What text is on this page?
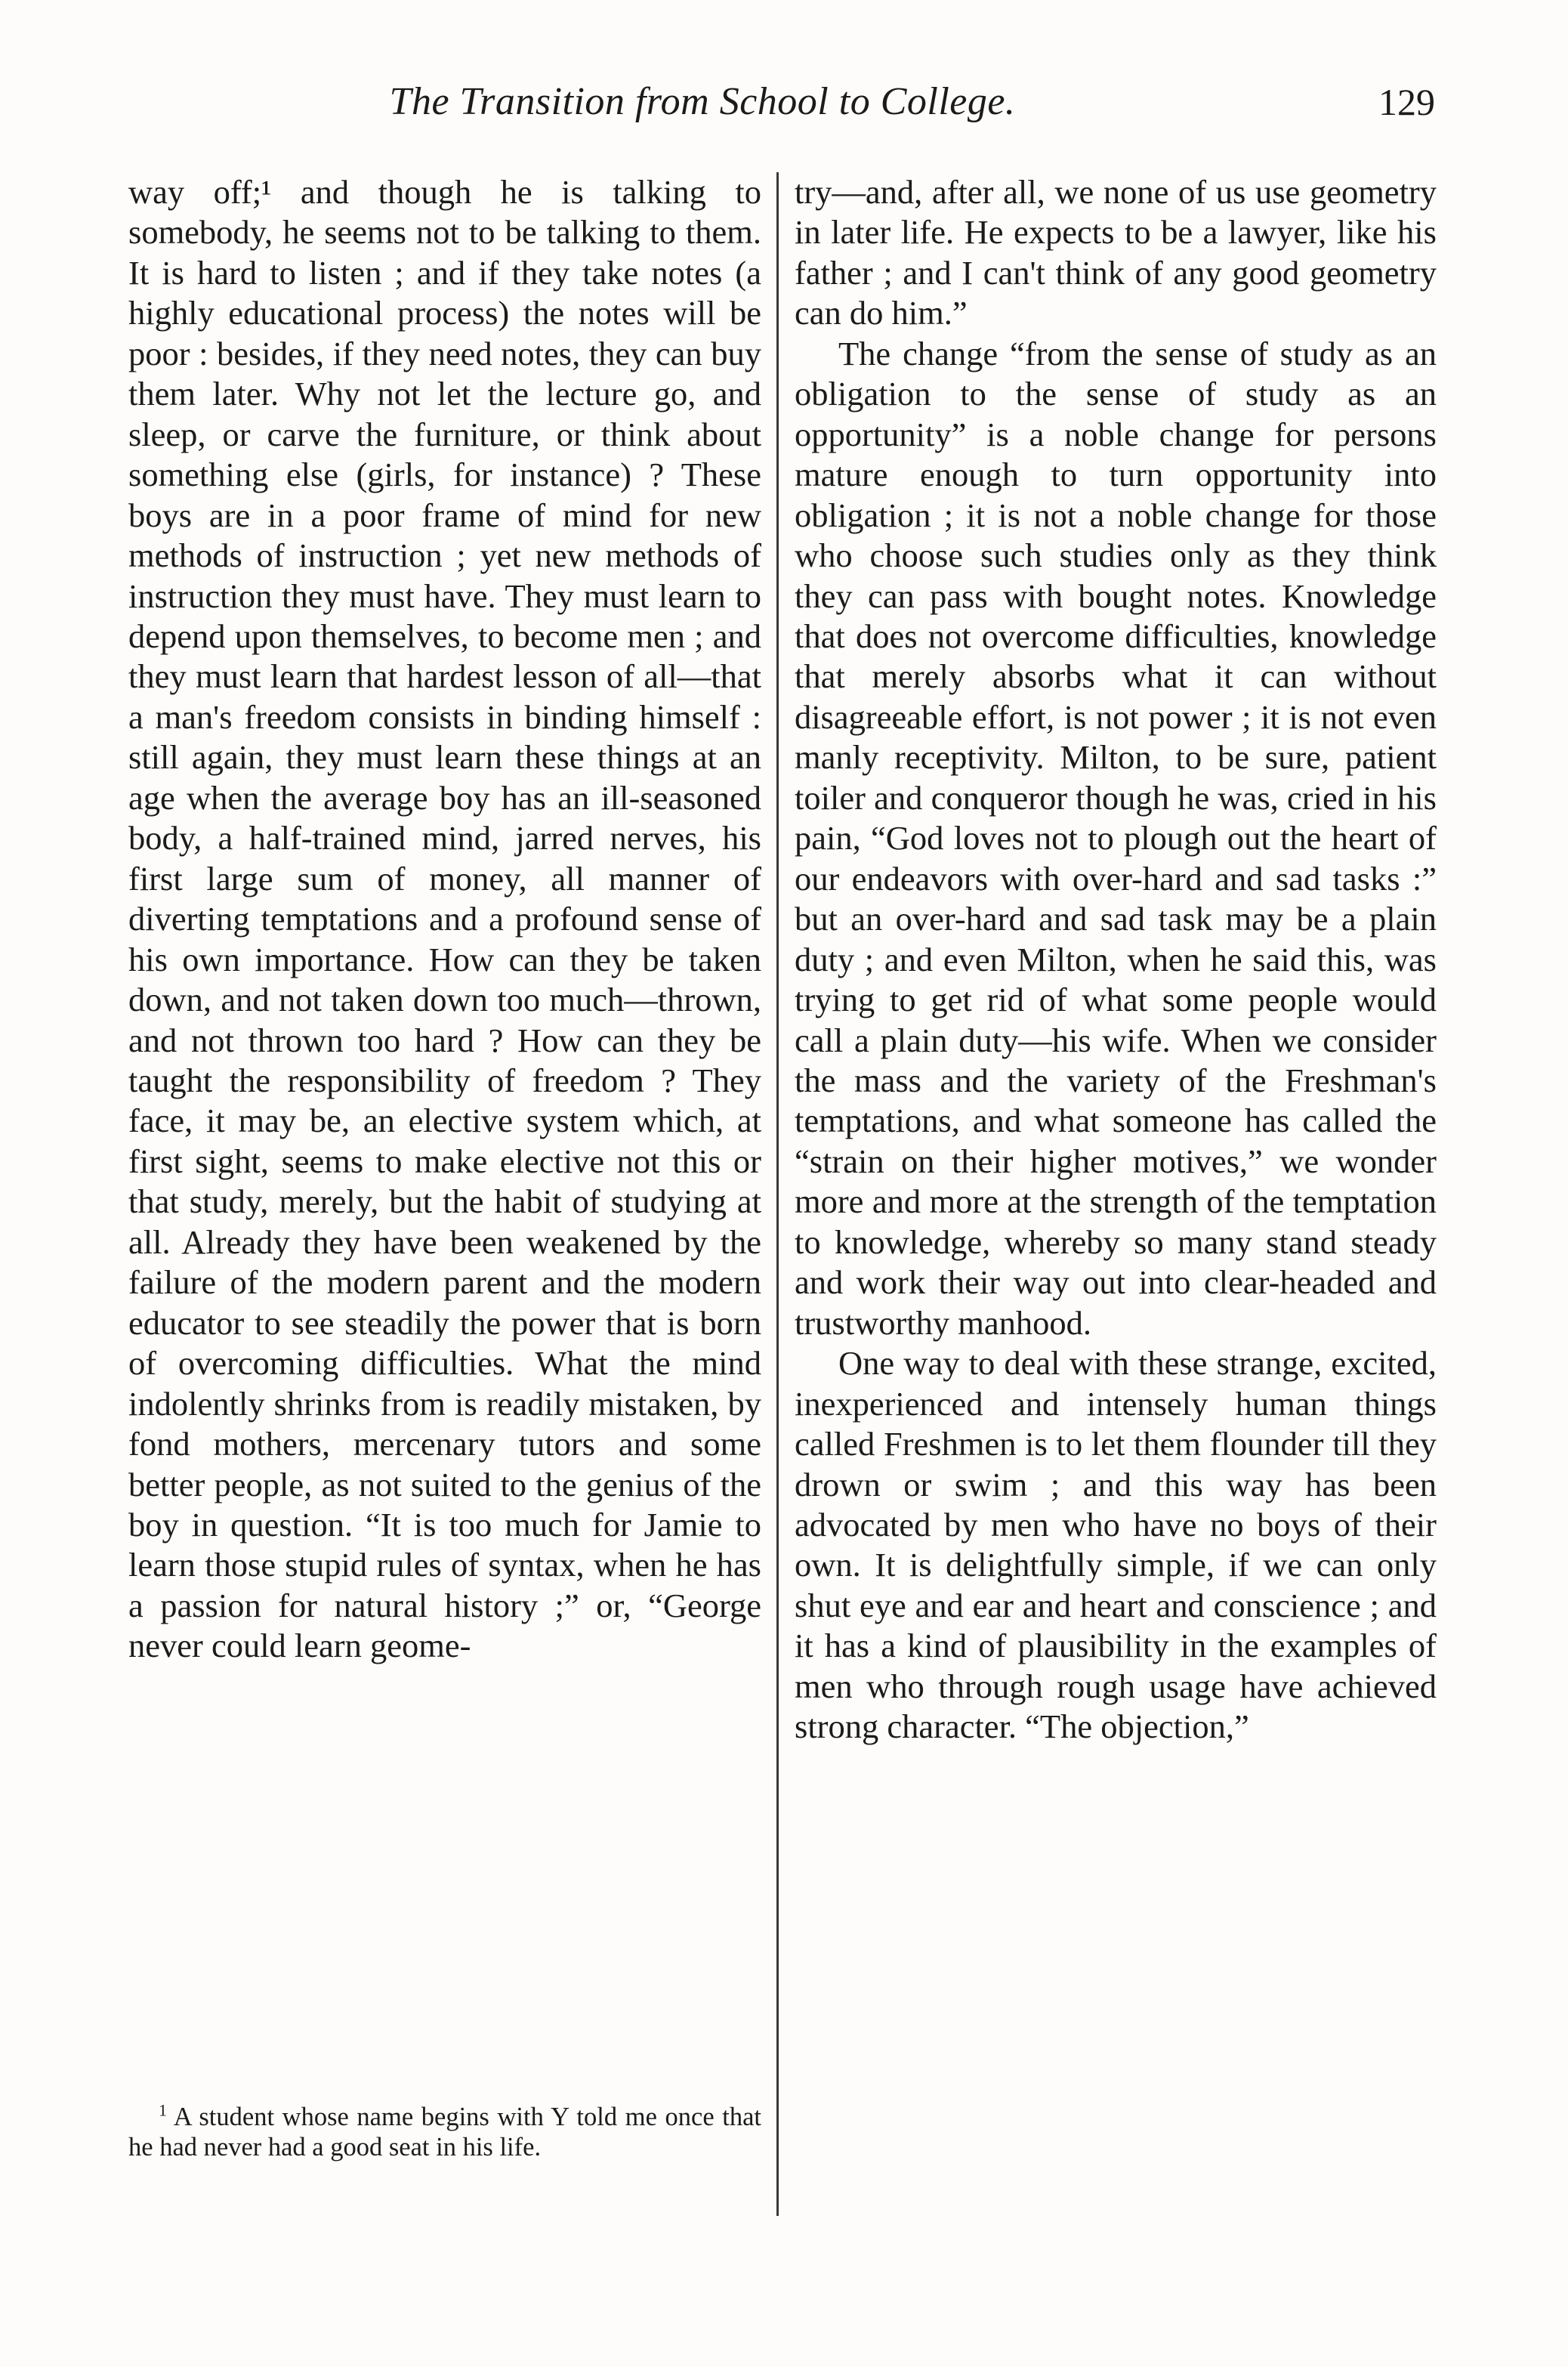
The Transition from School to College.	129

way off;¹ and though he is talking to somebody, he seems not to be talking to them. It is hard to listen ; and if they take notes (a highly educational process) the notes will be poor : besides, if they need notes, they can buy them later. Why not let the lecture go, and sleep, or carve the furniture, or think about something else (girls, for instance) ? These boys are in a poor frame of mind for new methods of instruction ; yet new methods of instruction they must have. They must learn to depend upon themselves, to become men ; and they must learn that hardest lesson of all—that a man's freedom consists in binding himself : still again, they must learn these things at an age when the average boy has an ill-seasoned body, a half-trained mind, jarred nerves, his first large sum of money, all manner of diverting temptations and a profound sense of his own importance. How can they be taken down, and not taken down too much—thrown, and not thrown too hard ? How can they be taught the responsibility of freedom ? They face, it may be, an elective system which, at first sight, seems to make elective not this or that study, merely, but the habit of studying at all. Already they have been weakened by the failure of the modern parent and the modern educator to see steadily the power that is born of overcoming difficulties. What the mind indolently shrinks from is readily mistaken, by fond mothers, mercenary tutors and some better people, as not suited to the genius of the boy in question. “It is too much for Jamie to learn those stupid rules of syntax, when he has a passion for natural history ;” or, “George never could learn geome-

try—and, after all, we none of us use geometry in later life. He expects to be a lawyer, like his father ; and I can't think of any good geometry can do him.”

The change “from the sense of study as an obligation to the sense of study as an opportunity” is a noble change for persons mature enough to turn opportunity into obligation ; it is not a noble change for those who choose such studies only as they think they can pass with bought notes. Knowledge that does not overcome difficulties, knowledge that merely absorbs what it can without disagreeable effort, is not power ; it is not even manly receptivity. Milton, to be sure, patient toiler and conqueror though he was, cried in his pain, “God loves not to plough out the heart of our endeavors with over-hard and sad tasks :” but an over-hard and sad task may be a plain duty ; and even Milton, when he said this, was trying to get rid of what some people would call a plain duty—his wife. When we consider the mass and the variety of the Freshman's temptations, and what someone has called the “strain on their higher motives,” we wonder more and more at the strength of the temptation to knowledge, whereby so many stand steady and work their way out into clear-headed and trustworthy manhood.

One way to deal with these strange, excited, inexperienced and intensely human things called Freshmen is to let them flounder till they drown or swim ; and this way has been advocated by men who have no boys of their own. It is delightfully simple, if we can only shut eye and ear and heart and conscience ; and it has a kind of plausibility in the examples of men who through rough usage have achieved strong character. “The objection,”

$^1$ A student whose name begins with Y told me once that he had never had a good seat in his life.
